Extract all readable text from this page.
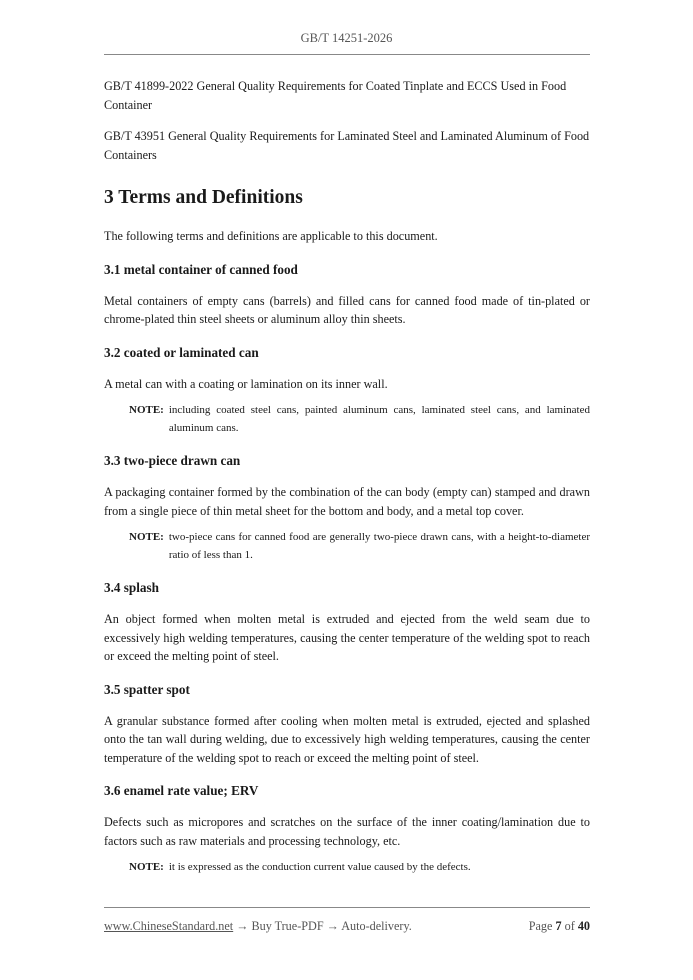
GB/T 14251-2026

GB/T 41899-2022 General Quality Requirements for Coated Tinplate and ECCS Used in Food Container

GB/T 43951 General Quality Requirements for Laminated Steel and Laminated Aluminum of Food Containers

3 Terms and Definitions

The following terms and definitions are applicable to this document.

3.1 metal container of canned food

Metal containers of empty cans (barrels) and filled cans for canned food made of tin-plated or chrome-plated thin steel sheets or aluminum alloy thin sheets.

3.2 coated or laminated can

A metal can with a coating or lamination on its inner wall.

NOTE: including coated steel cans, painted aluminum cans, laminated steel cans, and laminated aluminum cans.
3.3 two-piece drawn can

A packaging container formed by the combination of the can body (empty can) stamped and drawn from a single piece of thin metal sheet for the bottom and body, and a metal top cover.

NOTE: two-piece cans for canned food are generally two-piece drawn cans, with a height-to-diameter ratio of less than 1.
3.4 splash

An object formed when molten metal is extruded and ejected from the weld seam due to excessively high welding temperatures, causing the center temperature of the welding spot to reach or exceed the melting point of steel.

3.5 spatter spot

A granular substance formed after cooling when molten metal is extruded, ejected and splashed onto the tan wall during welding, due to excessively high welding temperatures, causing the center temperature of the welding spot to reach or exceed the melting point of steel.

3.6 enamel rate value; ERV

Defects such as micropores and scratches on the surface of the inner coating/lamination due to factors such as raw materials and processing technology, etc.

NOTE: it is expressed as the conduction current value caused by the defects.
www.ChineseStandard.net → Buy True-PDF → Auto-delivery.	Page 7 of 40
